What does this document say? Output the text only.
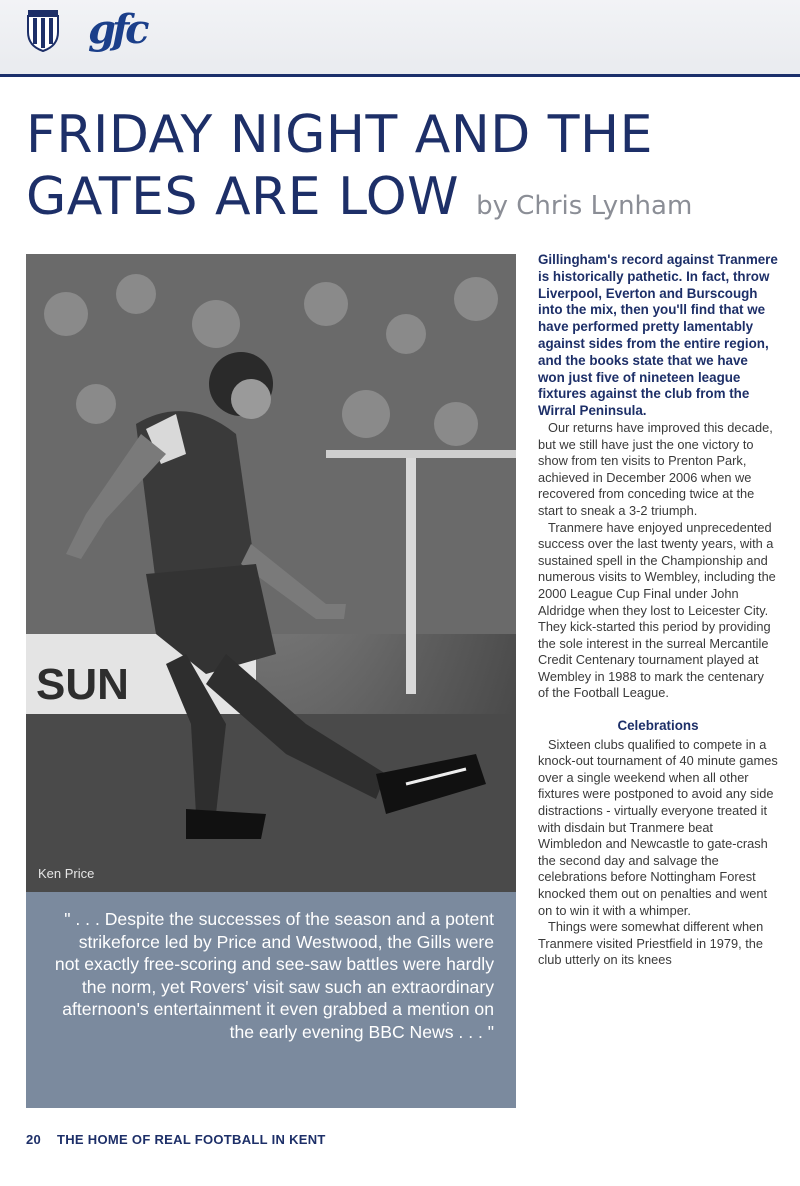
gfc
FRIDAY NIGHT AND THE
GATES ARE LOW by Chris Lynham
SUN
Ken Price

" . . . Despite the successes of the season and a potent strikeforce led by Price and Westwood, the Gills were not exactly free-scoring and see-saw battles were hardly the norm, yet Rovers' visit saw such an extraordinary afternoon's entertainment it even grabbed a mention on the early evening BBC News . . . "

Gillingham's record against Tranmere is historically pathetic. In fact, throw Liverpool, Everton and Burscough into the mix, then you'll find that we have performed pretty lamentably against sides from the entire region, and the books state that we have won just five of nineteen league fixtures against the club from the Wirral Peninsula.

Our returns have improved this decade, but we still have just the one victory to show from ten visits to Prenton Park, achieved in December 2006 when we recovered from conceding twice at the start to sneak a 3-2 triumph.

Tranmere have enjoyed unprecedented success over the last twenty years, with a sustained spell in the Championship and numerous visits to Wembley, including the 2000 League Cup Final under John Aldridge when they lost to Leicester City. They kick-started this period by providing the sole interest in the surreal Mercantile Credit Centenary tournament played at Wembley in 1988 to mark the centenary of the Football League.

Celebrations

Sixteen clubs qualified to compete in a knock-out tournament of 40 minute games over a single weekend when all other fixtures were postponed to avoid any side distractions - virtually everyone treated it with disdain but Tranmere beat Wimbledon and Newcastle to gate-crash the second day and salvage the celebrations before Nottingham Forest knocked them out on penalties and went on to win it with a whimper.

Things were somewhat different when Tranmere visited Priestfield in 1979, the club utterly on its knees

20 THE HOME OF REAL FOOTBALL IN KENT
